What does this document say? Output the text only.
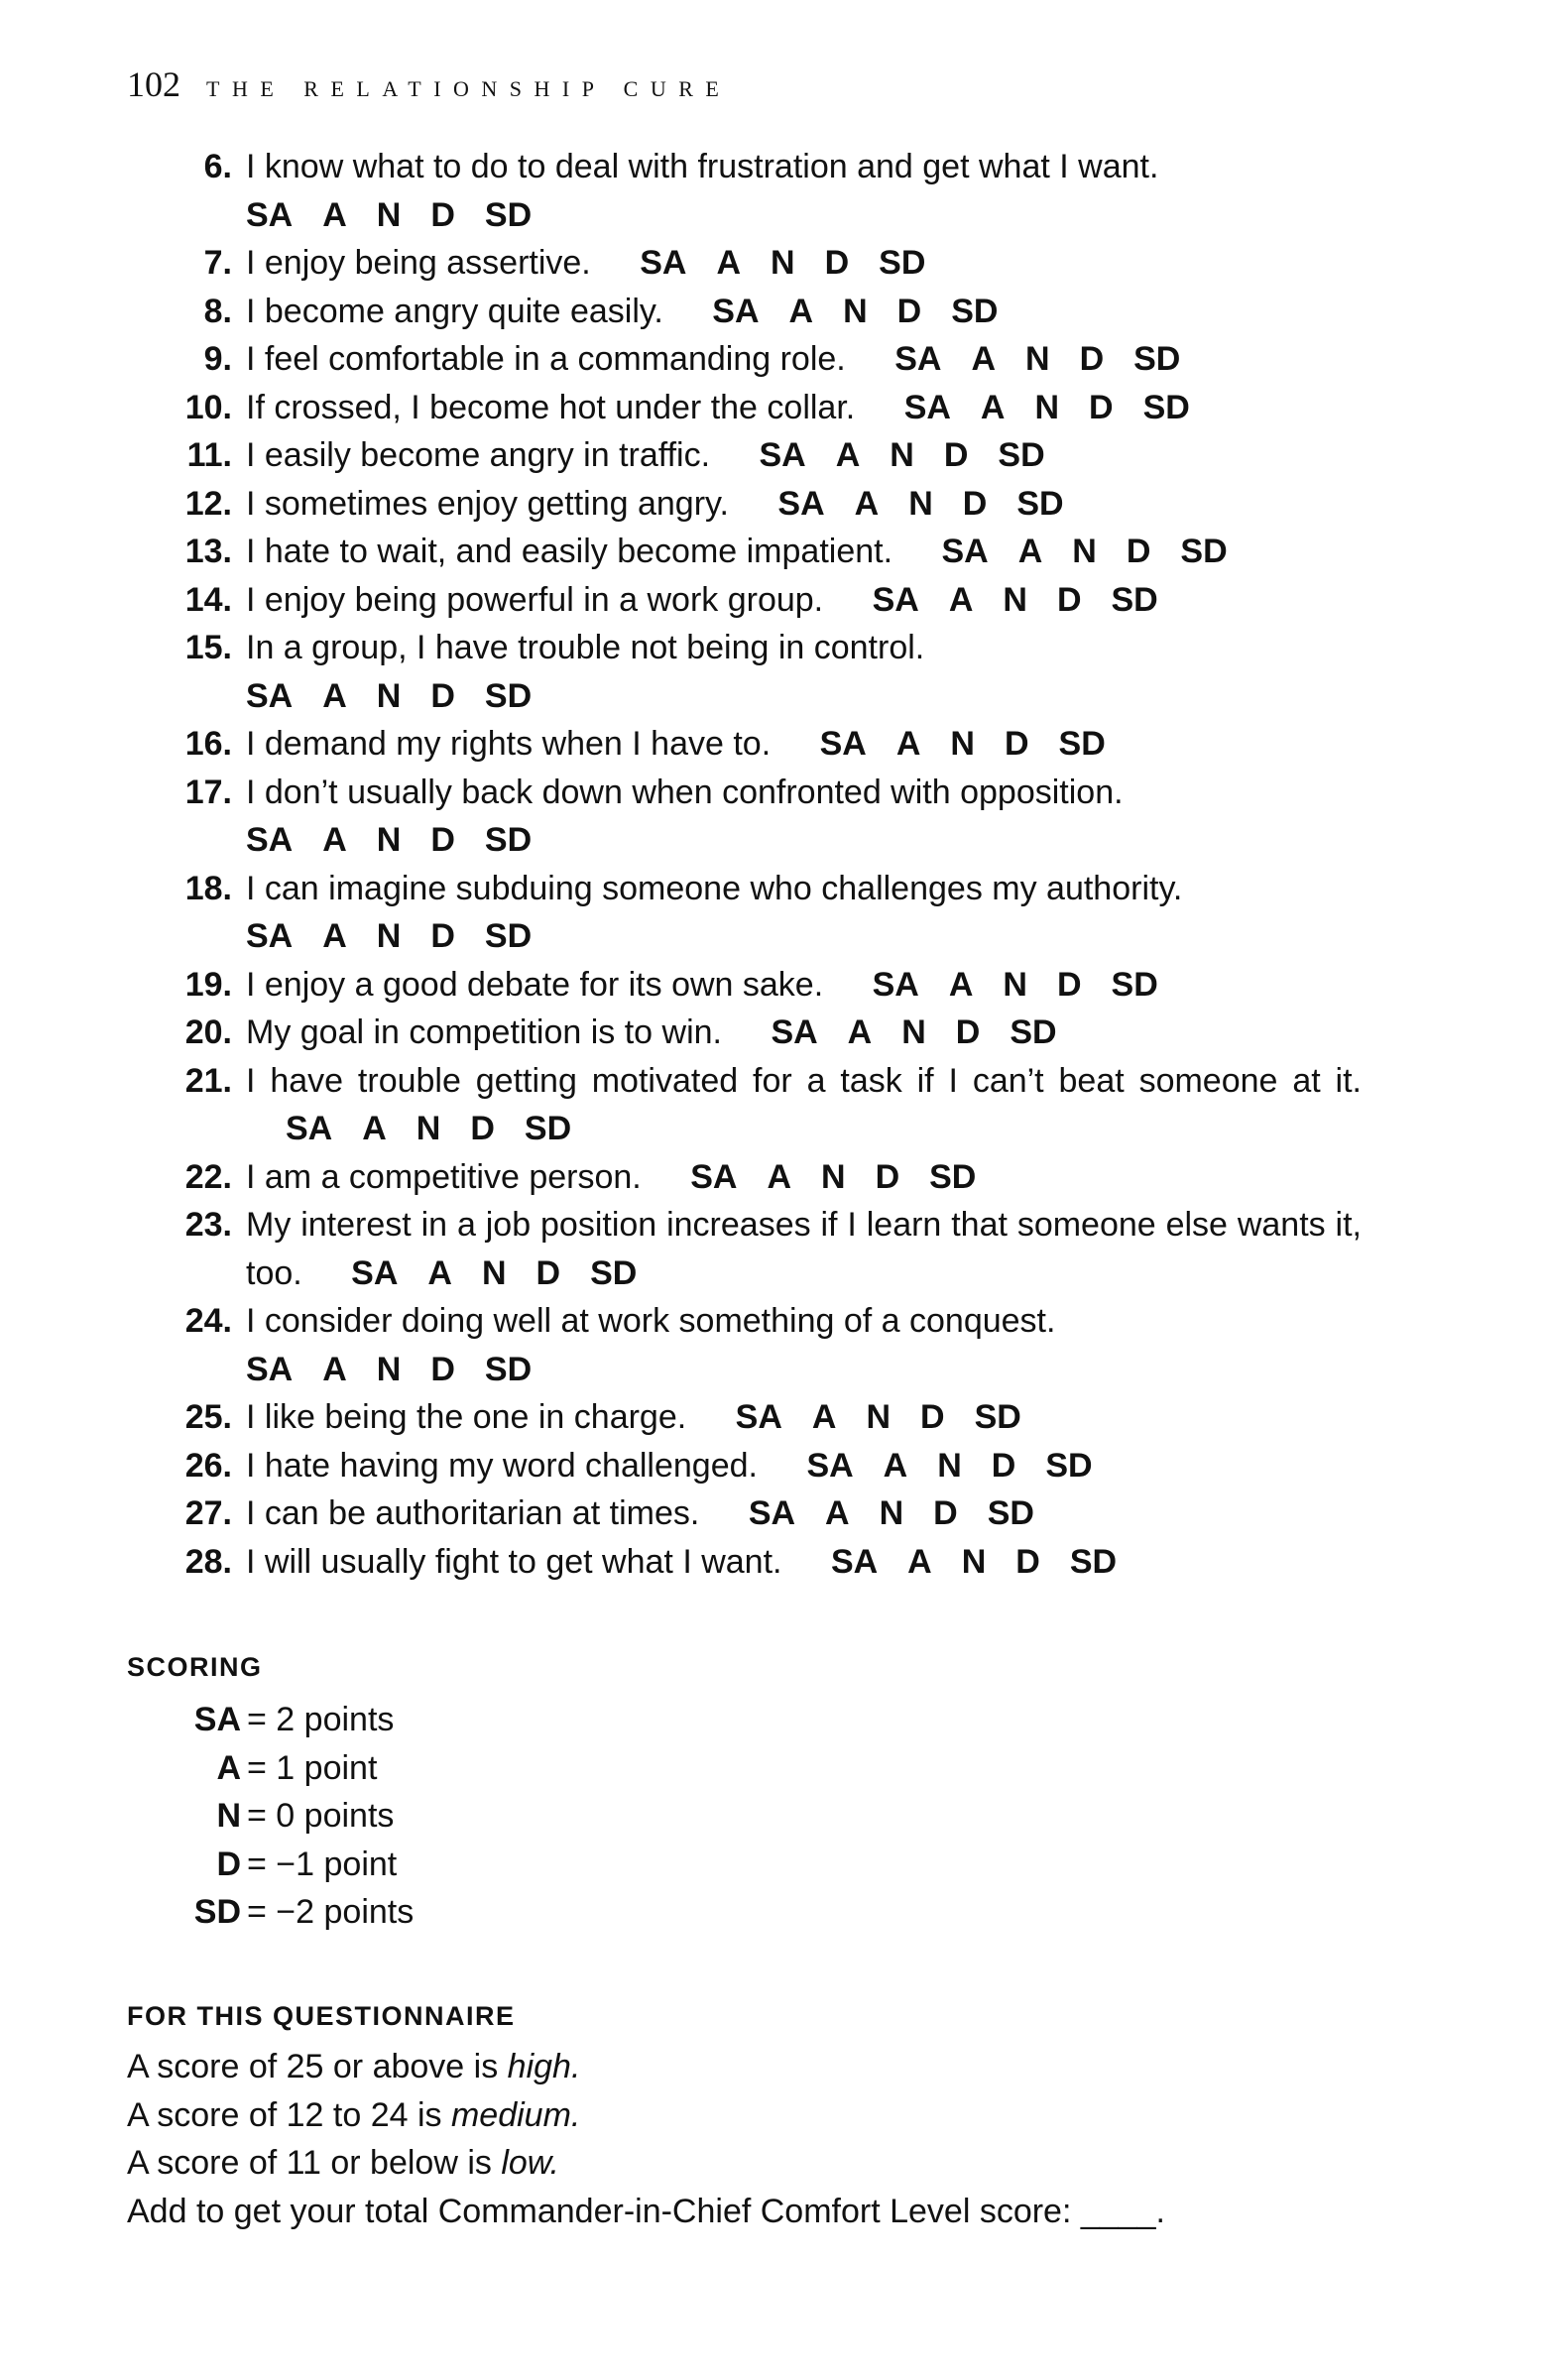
102 THE RELATIONSHIP CURE
6. I know what to do to deal with frustration and get what I want.
SA A N D SD
7. I enjoy being assertive. SA A N D SD
8. I become angry quite easily. SA A N D SD
9. I feel comfortable in a commanding role. SA A N D SD
10. If crossed, I become hot under the collar. SA A N D SD
11. I easily become angry in traffic. SA A N D SD
12. I sometimes enjoy getting angry. SA A N D SD
13. I hate to wait, and easily become impatient. SA A N D SD
14. I enjoy being powerful in a work group. SA A N D SD
15. In a group, I have trouble not being in control.
SA A N D SD
16. I demand my rights when I have to. SA A N D SD
17. I don’t usually back down when confronted with opposition.
SA A N D SD
18. I can imagine subduing someone who challenges my authority.
SA A N D SD
19. I enjoy a good debate for its own sake. SA A N D SD
20. My goal in competition is to win. SA A N D SD
21. I have trouble getting motivated for a task if I can’t beat someone at it. SA A N D SD
22. I am a competitive person. SA A N D SD
23. My interest in a job position increases if I learn that someone else wants it, too. SA A N D SD
24. I consider doing well at work something of a conquest.
SA A N D SD
25. I like being the one in charge. SA A N D SD
26. I hate having my word challenged. SA A N D SD
27. I can be authoritarian at times. SA A N D SD
28. I will usually fight to get what I want. SA A N D SD
SCORING
SA = 2 points
A = 1 point
N = 0 points
D = −1 point
SD = −2 points
FOR THIS QUESTIONNAIRE
A score of 25 or above is high.
A score of 12 to 24 is medium.
A score of 11 or below is low.
Add to get your total Commander-in-Chief Comfort Level score: ____.
